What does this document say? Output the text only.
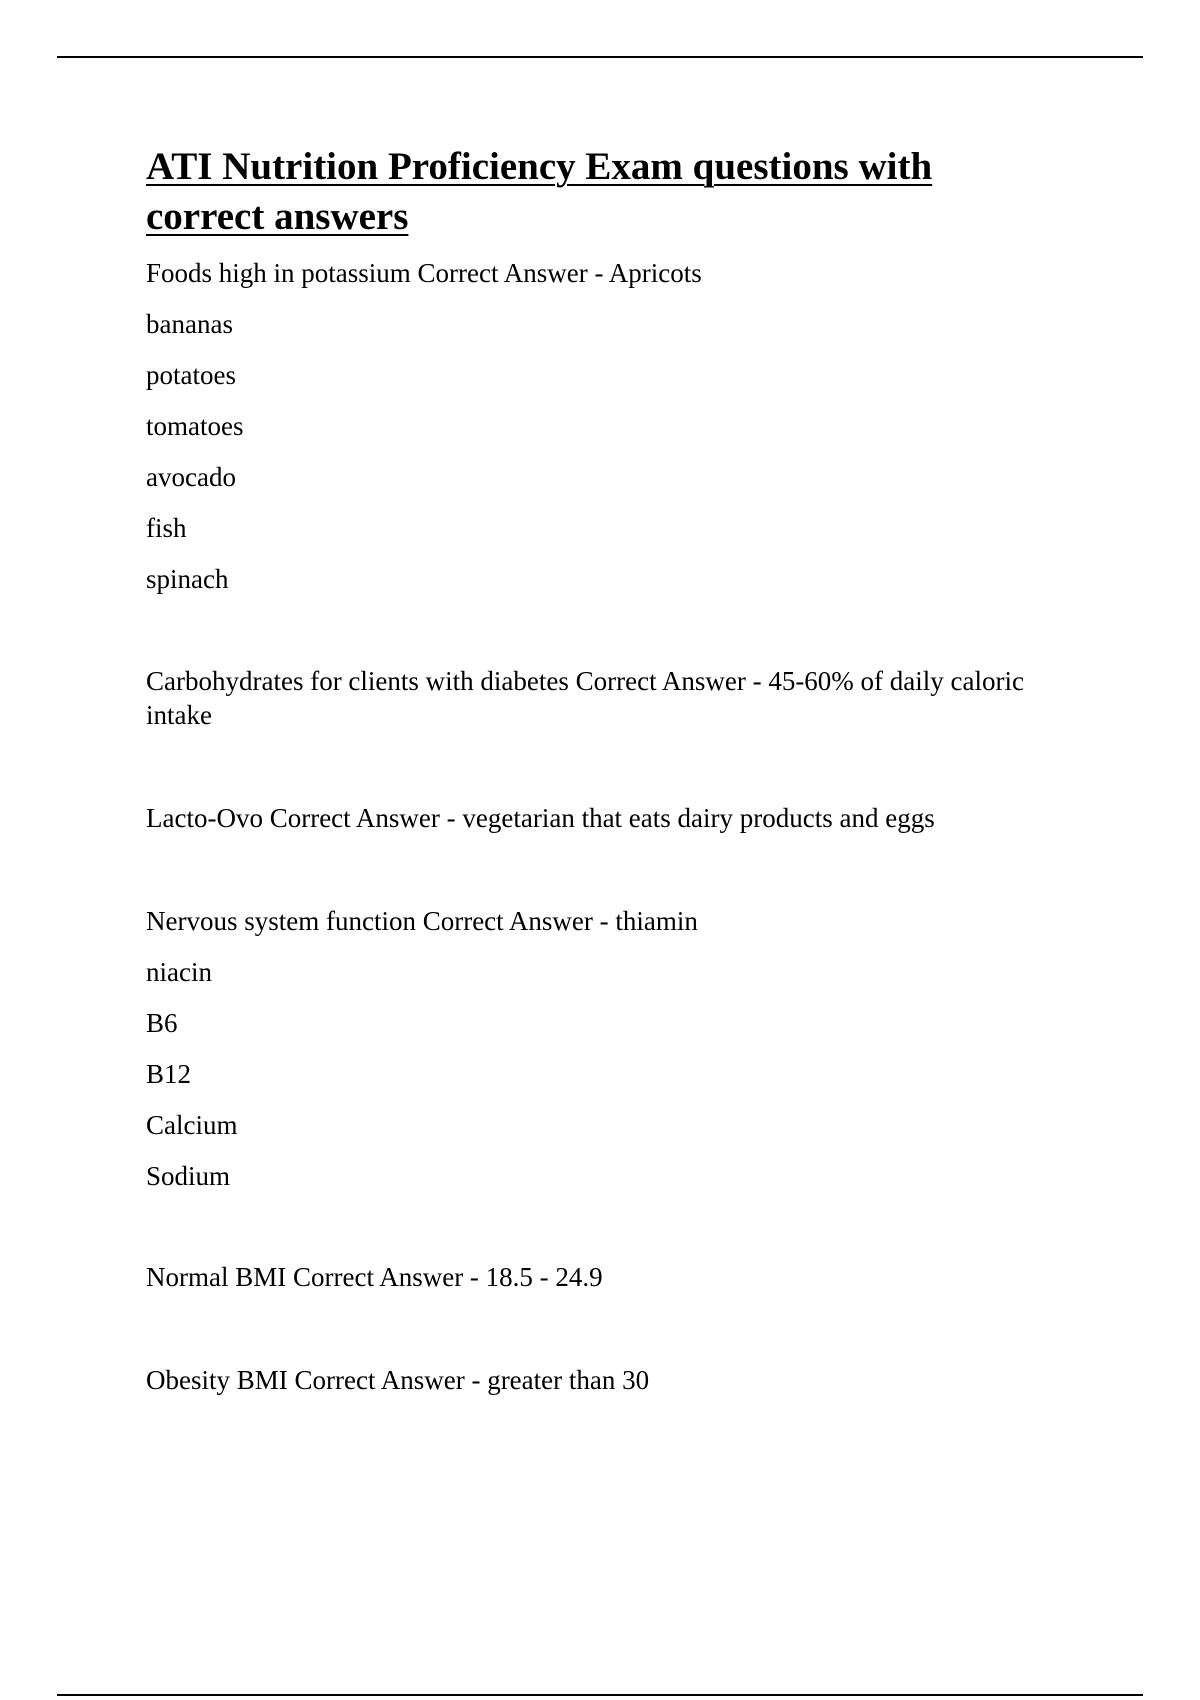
ATI Nutrition Proficiency Exam questions with
correct answers

Foods high in potassium Correct Answer - Apricots

bananas

potatoes

tomatoes

avocado

fish

spinach

Carbohydrates for clients with diabetes Correct Answer - 45-60% of daily caloric intake

Lacto-Ovo Correct Answer - vegetarian that eats dairy products and eggs

Nervous system function Correct Answer - thiamin

niacin

B6

B12

Calcium

Sodium

Normal BMI Correct Answer - 18.5 - 24.9

Obesity BMI Correct Answer - greater than 30
